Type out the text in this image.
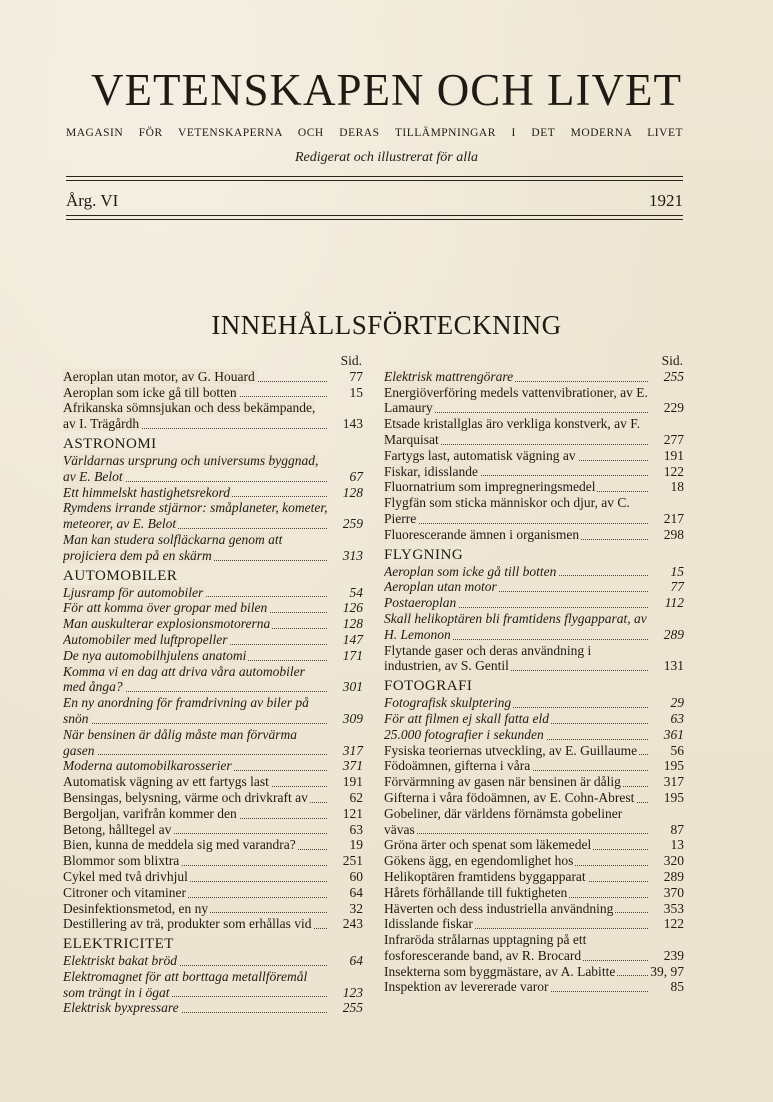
VETENSKAPEN OCH LIVET
MAGASIN FÖR VETENSKAPERNA OCH DERAS TILLÄMPNINGAR I DET MODERNA LIVET
Redigerat och illustrerat för alla
Årg. VI	1921
INNEHÅLLSFÖRTECKNING
Sid.
Aeroplan utan motor, av G. Houard	77
Aeroplan som icke gå till botten	15
Afrikanska sömnsjukan och dess bekämpande, av I. Trägårdh	143
ASTRONOMI
Världarnas ursprung och universums byggnad, av E. Belot	67
Ett himmelskt hastighetsrekord	128
Rymdens irrande stjärnor: småplaneter, kometer, meteorer, av E. Belot	259
Man kan studera solfläckarna genom att projiciera dem på en skärm	313
AUTOMOBILER
Ljusramp för automobiler	54
För att komma över gropar med bilen	126
Man auskulterar explosionsmotorerna	128
Automobiler med luftpropeller	147
De nya automobilhjulens anatomi	171
Komma vi en dag att driva våra automobiler med ånga?	301
En ny anordning för framdrivning av biler på snön	309
När bensinen är dålig måste man förvärma gasen	317
Moderna automobilkarosserier	371
Automatisk vägning av ett fartygs last	191
Bensingas, belysning, värme och drivkraft av	62
Bergoljan, varifrån kommer den	121
Betong, hålltegel av	63
Bien, kunna de meddela sig med varandra?	19
Blommor som blixtra	251
Cykel med två drivhjul	60
Citroner och vitaminer	64
Desinfektionsmetod, en ny	32
Destillering av trä, produkter som erhållas vid	243
ELEKTRICITET
Elektriskt bakat bröd	64
Elektromagnet för att borttaga metallföremål som trängt in i ögat	123
Elektrisk byxpressare	255
Sid.
Elektrisk mattrengörare	255
Energiöverföring medels vattenvibrationer, av E. Lamaury	229
Etsade kristallglas äro verkliga konstverk, av F. Marquisat	277
Fartygs last, automatisk vägning av	191
Fiskar, idisslande	122
Fluornatrium som impregneringsmedel	18
Flygfän som sticka människor och djur, av C. Pierre	217
Fluorescerande ämnen i organismen	298
FLYGNING
Aeroplan som icke gå till botten	15
Aeroplan utan motor	77
Postaeroplan	112
Skall helikoptären bli framtidens flygapparat, av H. Lemonon	289
Flytande gaser och deras användning i industrien, av S. Gentil	131
FOTOGRAFI
Fotografisk skulptering	29
För att filmen ej skall fatta eld	63
25.000 fotografier i sekunden	361
Fysiska teoriernas utveckling, av E. Guillaume	56
Födoämnen, gifterna i våra	195
Förvärmning av gasen när bensinen är dålig	317
Gifterna i våra födoämnen, av E. Cohn-Abrest	195
Gobeliner, där världens förnämsta gobeliner vävas	87
Gröna ärter och spenat som läkemedel	13
Gökens ägg, en egendomlighet hos	320
Helikoptären framtidens byggapparat	289
Hårets förhållande till fuktigheten	370
Häverten och dess industriella användning	353
Idisslande fiskar	122
Infraröda strålarnas upptagning på ett fosforescerande band, av R. Brocard	239
Insekterna som byggmästare, av A. Labitte	39, 97
Inspektion av levererade varor	85
